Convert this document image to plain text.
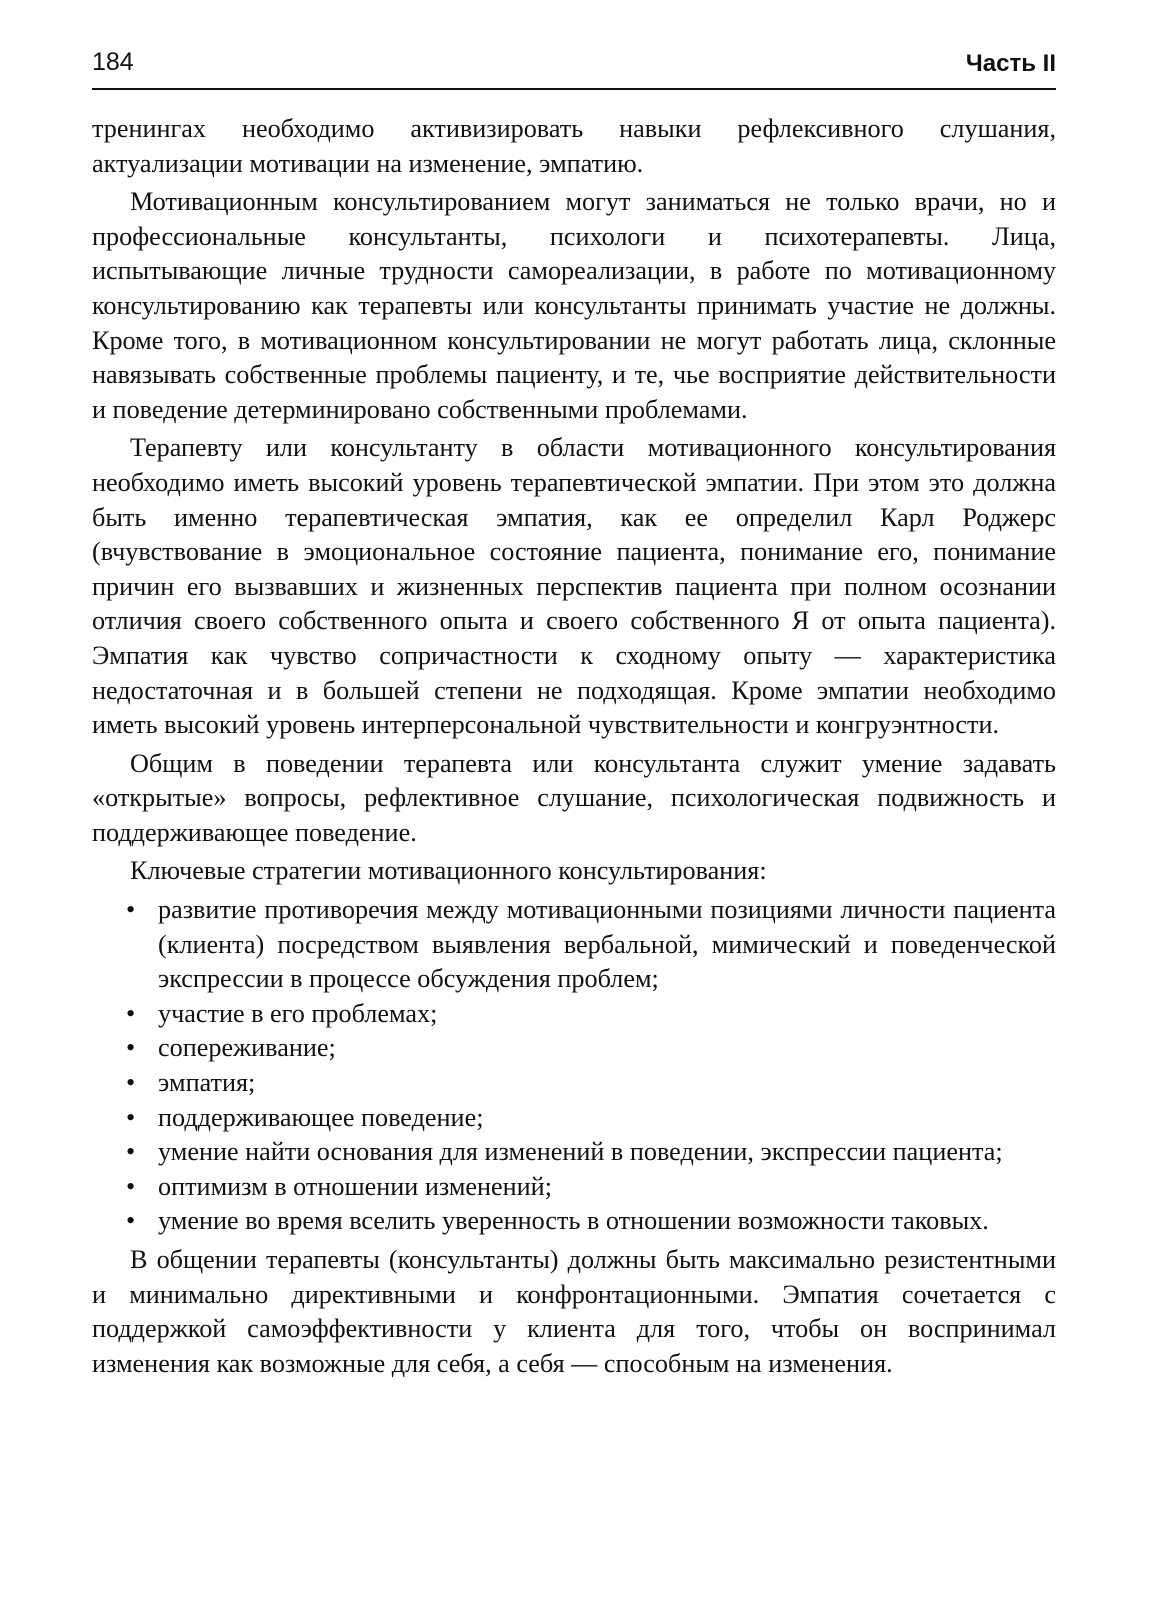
184	Часть II

тренингах необходимо активизировать навыки рефлексивного слушания, актуализации мотивации на изменение, эмпатию.

Мотивационным консультированием могут заниматься не только врачи, но и профессиональные консультанты, психологи и психотерапевты. Лица, испытывающие личные трудности самореализации, в работе по мотивационному консультированию как терапевты или консультанты принимать участие не должны. Кроме того, в мотивационном консультировании не могут работать лица, склонные навязывать собственные проблемы пациенту, и те, чье восприятие действительности и поведение детерминировано собственными проблемами.

Терапевту или консультанту в области мотивационного консультирования необходимо иметь высокий уровень терапевтической эмпатии. При этом это должна быть именно терапевтическая эмпатия, как ее определил Карл Роджерс (вчувствование в эмоциональное состояние пациента, понимание его, понимание причин его вызвавших и жизненных перспектив пациента при полном осознании отличия своего собственного опыта и своего собственного Я от опыта пациента). Эмпатия как чувство сопричастности к сходному опыту — характеристика недостаточная и в большей степени не подходящая. Кроме эмпатии необходимо иметь высокий уровень интерперсональной чувствительности и конгруэнтности.

Общим в поведении терапевта или консультанта служит умение задавать «открытые» вопросы, рефлективное слушание, психологическая подвижность и поддерживающее поведение.

Ключевые стратегии мотивационного консультирования:

• развитие противоречия между мотивационными позициями личности пациента (клиента) посредством выявления вербальной, мимический и поведенческой экспрессии в процессе обсуждения проблем;
• участие в его проблемах;
• сопереживание;
• эмпатия;
• поддерживающее поведение;
• умение найти основания для изменений в поведении, экспрессии пациента;
• оптимизм в отношении изменений;
• умение во время вселить уверенность в отношении возможности таковых.

В общении терапевты (консультанты) должны быть максимально резистентными и минимально директивными и конфронтационными. Эмпатия сочетается с поддержкой самоэффективности у клиента для того, чтобы он воспринимал изменения как возможные для себя, а себя — способным на изменения.
